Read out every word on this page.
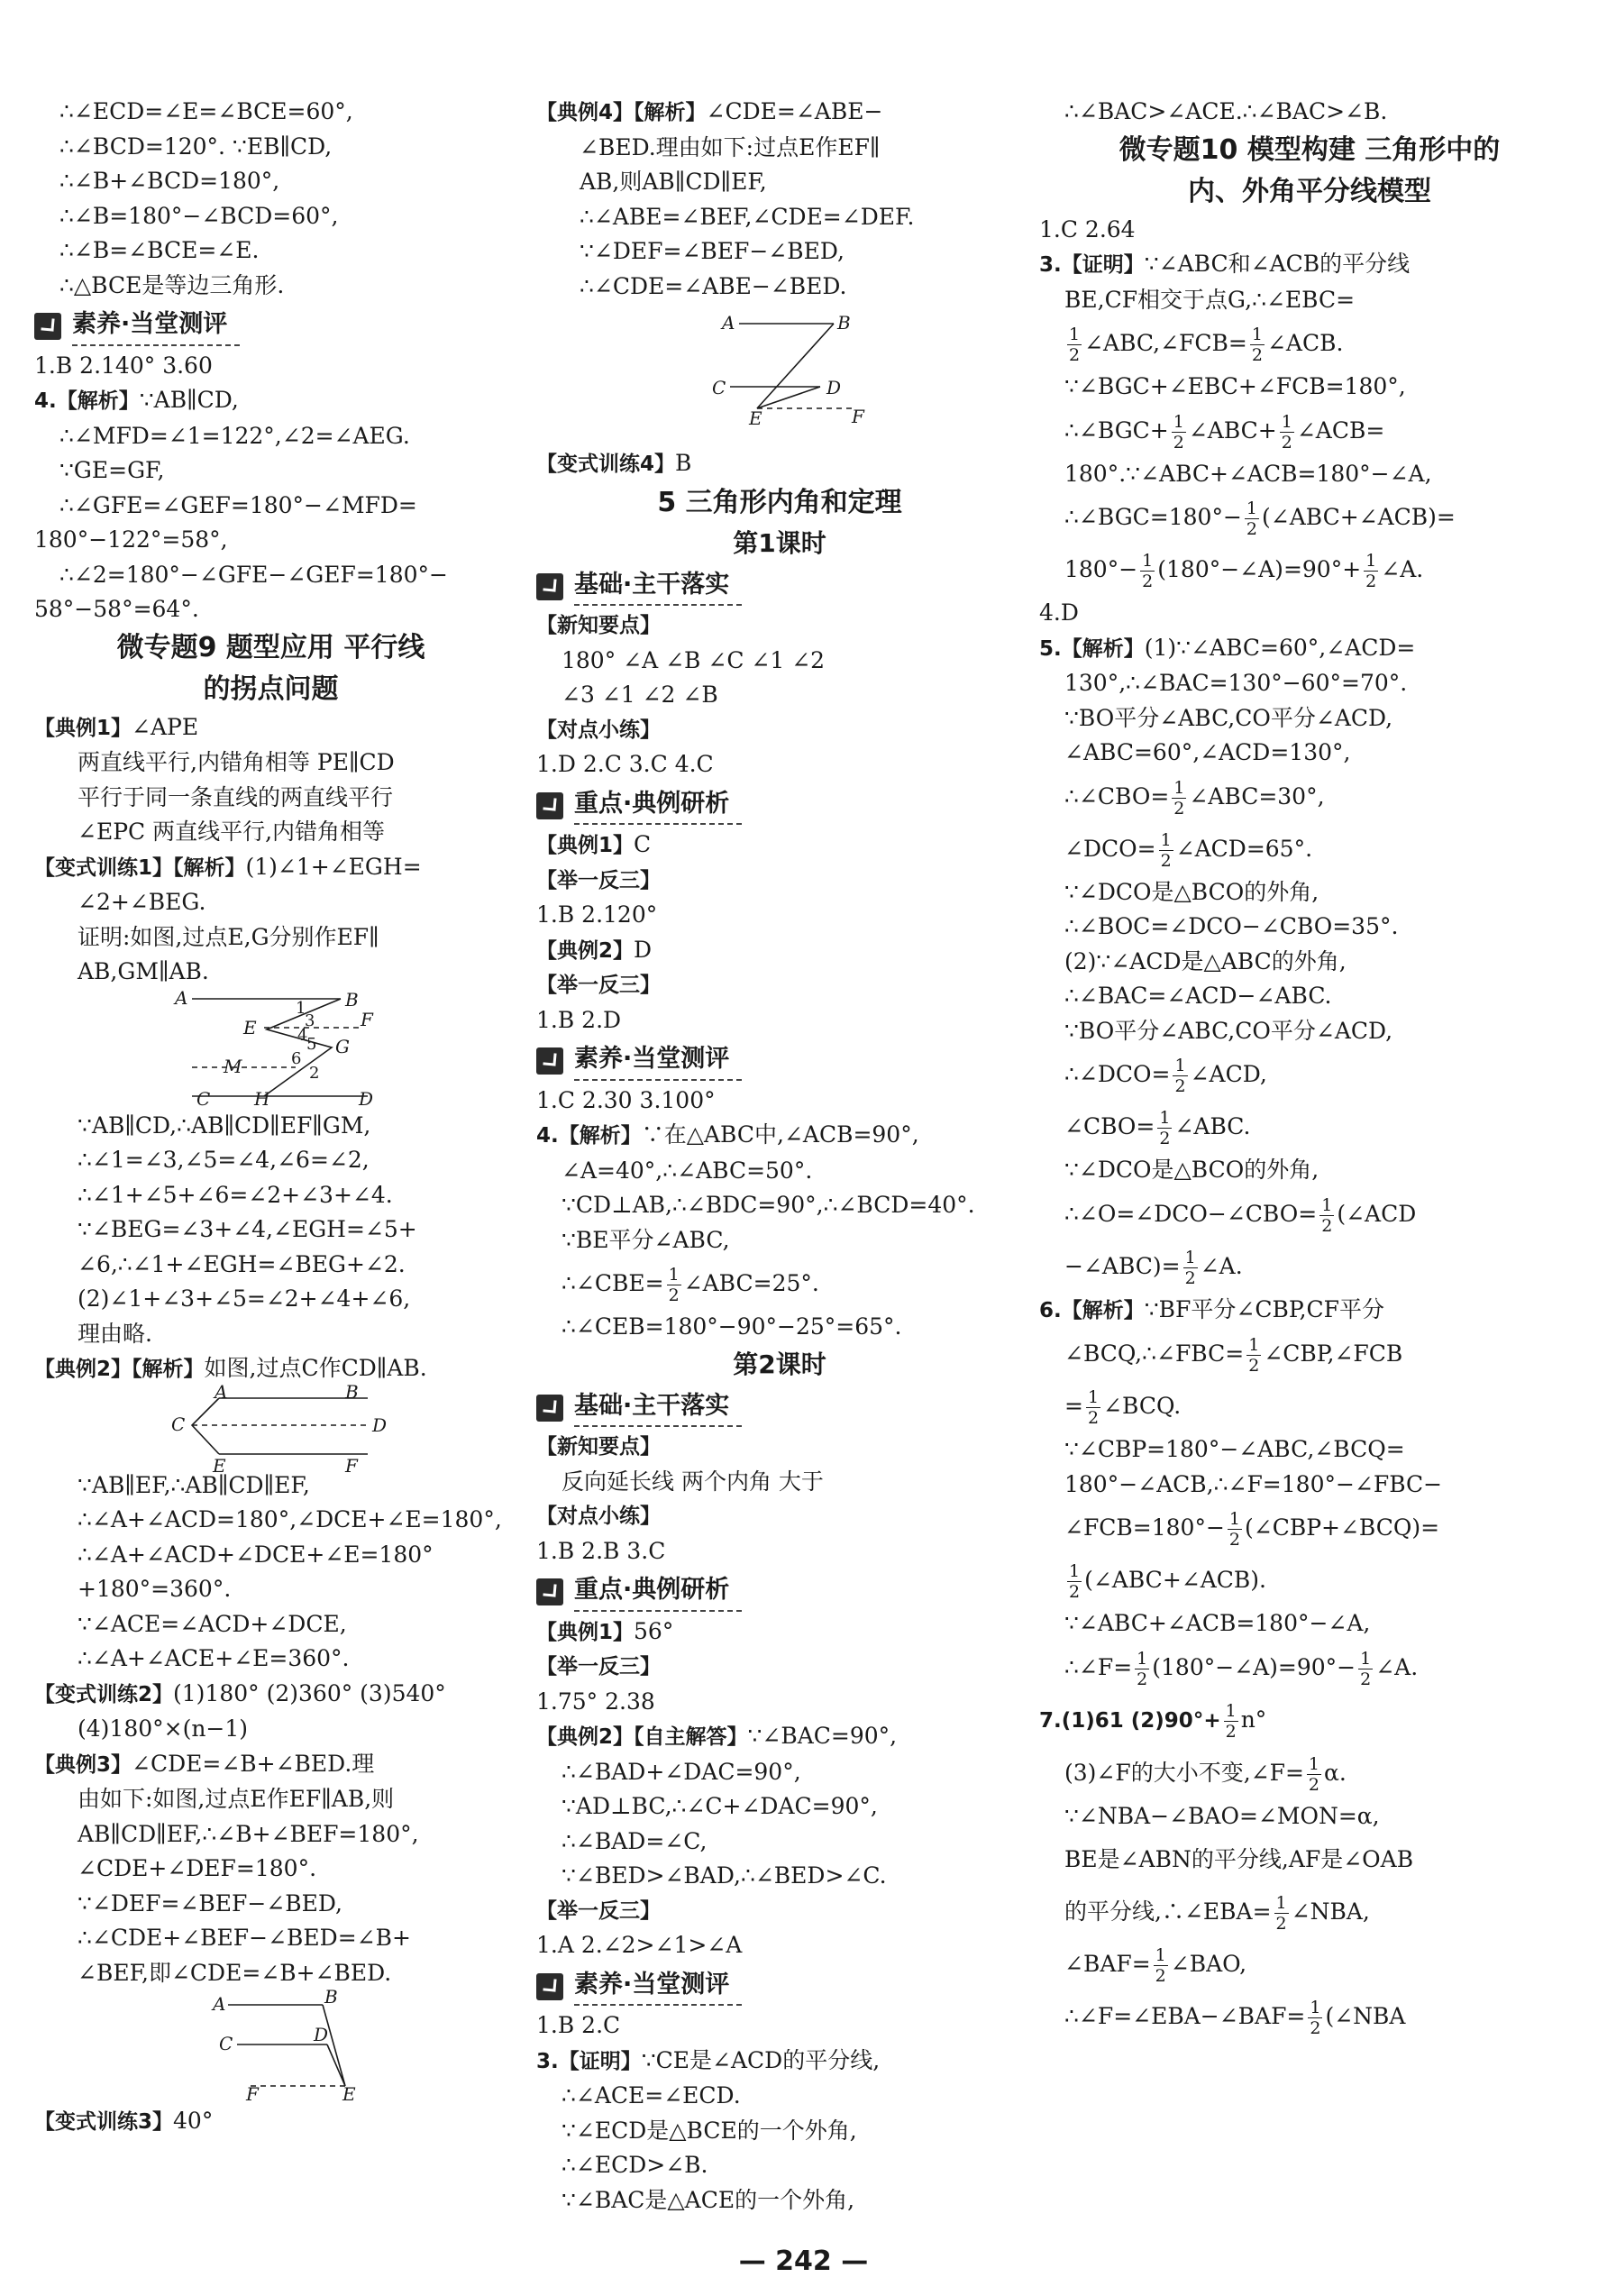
∴∠ECD=∠E=∠BCE=60°,
∴∠BCD=120°. ∵EB∥CD,
∴∠B+∠BCD=180°,
∴∠B=180°−∠BCD=60°,
∴∠B=∠BCE=∠E.
∴△BCE是等边三角形.
素养·当堂测评
1.B 2.140° 3.60
4.【解析】∵AB∥CD,
∴∠MFD=∠1=122°,∠2=∠AEG.
∵GE=GF,
∴∠GFE=∠GEF=180°−∠MFD=
180°−122°=58°,
∴∠2=180°−∠GFE−∠GEF=180°−
58°−58°=64°.
微专题9 题型应用 平行线
的拐点问题
【典例1】∠APE
两直线平行,内错角相等 PE∥CD
平行于同一条直线的两直线平行
∠EPC 两直线平行,内错角相等
【变式训练1】【解析】(1)∠1+∠EGH=
∠2+∠BEG.
证明:如图,过点E,G分别作EF∥
AB,GM∥AB.
A	B
F
E
1
3
4
5
6
G
M	2
C H	D
∵AB∥CD,∴AB∥CD∥EF∥GM,
∴∠1=∠3,∠5=∠4,∠6=∠2,
∴∠1+∠5+∠6=∠2+∠3+∠4.
∵∠BEG=∠3+∠4,∠EGH=∠5+
∠6,∴∠1+∠EGH=∠BEG+∠2.
(2)∠1+∠3+∠5=∠2+∠4+∠6,
理由略.
【典例2】【解析】如图,过点C作CD∥AB.
A	B
C	D
E	F
∵AB∥EF,∴AB∥CD∥EF,
∴∠A+∠ACD=180°,∠DCE+∠E=180°,
∴∠A+∠ACD+∠DCE+∠E=180°
+180°=360°.
∵∠ACE=∠ACD+∠DCE,
∴∠A+∠ACE+∠E=360°.
【变式训练2】(1)180° (2)360° (3)540°
(4)180°×(n−1)
【典例3】∠CDE=∠B+∠BED.理
由如下:如图,过点E作EF∥AB,则
AB∥CD∥EF,∴∠B+∠BEF=180°,
∠CDE+∠DEF=180°.
∵∠DEF=∠BEF−∠BED,
∴∠CDE+∠BEF−∠BED=∠B+
∠BEF,即∠CDE=∠B+∠BED.
A	B
C	D
F	E
【变式训练3】40°
【典例4】【解析】∠CDE=∠ABE−
∠BED.理由如下:过点E作EF∥
AB,则AB∥CD∥EF,
∴∠ABE=∠BEF,∠CDE=∠DEF.
∵∠DEF=∠BEF−∠BED,
∴∠CDE=∠ABE−∠BED.
A	B
C	D
E	F
【变式训练4】B
5 三角形内角和定理
第1课时
基础·主干落实
【新知要点】
180° ∠A ∠B ∠C ∠1 ∠2
∠3 ∠1 ∠2 ∠B
【对点小练】
1.D 2.C 3.C 4.C
重点·典例研析
【典例1】C
【举一反三】
1.B 2.120°
【典例2】D
【举一反三】
1.B 2.D
素养·当堂测评
1.C 2.30 3.100°
4.【解析】∵在△ABC中,∠ACB=90°,
∠A=40°,∴∠ABC=50°.
∵CD⊥AB,∴∠BDC=90°,∴∠BCD=40°.
∵BE平分∠ABC,
∴∠CBE= $\frac{1}{2}$ ∠ABC=25°.
∴∠CEB=180°−90°−25°=65°.
第2课时
基础·主干落实
【新知要点】
反向延长线 两个内角 大于
【对点小练】
1.B 2.B 3.C
重点·典例研析
【典例1】56°
【举一反三】
1.75° 2.38
【典例2】【自主解答】∵∠BAC=90°,
∴∠BAD+∠DAC=90°,
∵AD⊥BC,∴∠C+∠DAC=90°,
∴∠BAD=∠C,
∵∠BED>∠BAD,∴∠BED>∠C.
【举一反三】
1.A 2.∠2>∠1>∠A
素养·当堂测评
1.B 2.C
3.【证明】∵CE是∠ACD的平分线,
∴∠ACE=∠ECD.
∵∠ECD是△BCE的一个外角,
∴∠ECD>∠B.
∵∠BAC是△ACE的一个外角,
∴∠BAC>∠ACE.∴∠BAC>∠B.
微专题10 模型构建 三角形中的
内、外角平分线模型
1.C 2.64
3.【证明】∵∠ABC和∠ACB的平分线
BE,CF相交于点G,∴∠EBC=
$\frac{1}{2}$ ∠ABC,∠FCB= $\frac{1}{2}$ ∠ACB.
∵∠BGC+∠EBC+∠FCB=180°,
∴∠BGC+ $\frac{1}{2}$ ∠ABC+ $\frac{1}{2}$ ∠ACB=
180°.∵∠ABC+∠ACB=180°−∠A,
∴∠BGC=180°− $\frac{1}{2}$ (∠ABC+∠ACB)=
$180^\circ- \frac{1}{2}$ (180°−∠A)=90°+ $\frac{1}{2}$ ∠A.
4.D
5.【解析】(1)∵∠ABC=60°,∠ACD=
130°,∴∠BAC=130°−60°=70°.
∵BO平分∠ABC,CO平分∠ACD,
∠ABC=60°,∠ACD=130°,
∴∠CBO= $\frac{1}{2}$ ∠ABC=30°,
∠DCO= $\frac{1}{2}$ ∠ACD=65°.
∵∠DCO是△BCO的外角,
∴∠BOC=∠DCO−∠CBO=35°.
(2)∵∠ACD是△ABC的外角,
∴∠BAC=∠ACD−∠ABC.
∵BO平分∠ABC,CO平分∠ACD,
∴∠DCO= $\frac{1}{2}$ ∠ACD,
∠CBO= $\frac{1}{2}$ ∠ABC.
∵∠DCO是△BCO的外角,
∴∠O=∠DCO−∠CBO= $\frac{1}{2}$ (∠ACD
−∠ABC)= $\frac{1}{2}$ ∠A.
6.【解析】∵BF平分∠CBP,CF平分
∠BCQ,∴∠FBC= $\frac{1}{2}$ ∠CBP,∠FCB
= $\frac{1}{2}$ ∠BCQ.
∵∠CBP=180°−∠ABC,∠BCQ=
180°−∠ACB,∴∠F=180°−∠FBC−
∠FCB=180°− $\frac{1}{2}$ (∠CBP+∠BCQ)=
$\frac{1}{2}$ (∠ABC+∠ACB).
∵∠ABC+∠ACB=180°−∠A,
∴∠F= $\frac{1}{2}$ (180°−∠A)=90°− $\frac{1}{2}$ ∠A.
7.(1)61 $(2)90^\circ+ \frac{1}{2} n^\circ$
(3)∠F的大小不变,∠F= $\frac{1}{2} \alpha$.
∵∠NBA−∠BAO=∠MON=α,
BE是∠ABN的平分线,AF是∠OAB
的平分线,∴∠EBA= $\frac{1}{2}$ ∠NBA,
∠BAF= $\frac{1}{2}$ ∠BAO,
∴∠F=∠EBA−∠BAF= $\frac{1}{2}$ (∠NBA
— 242 —
